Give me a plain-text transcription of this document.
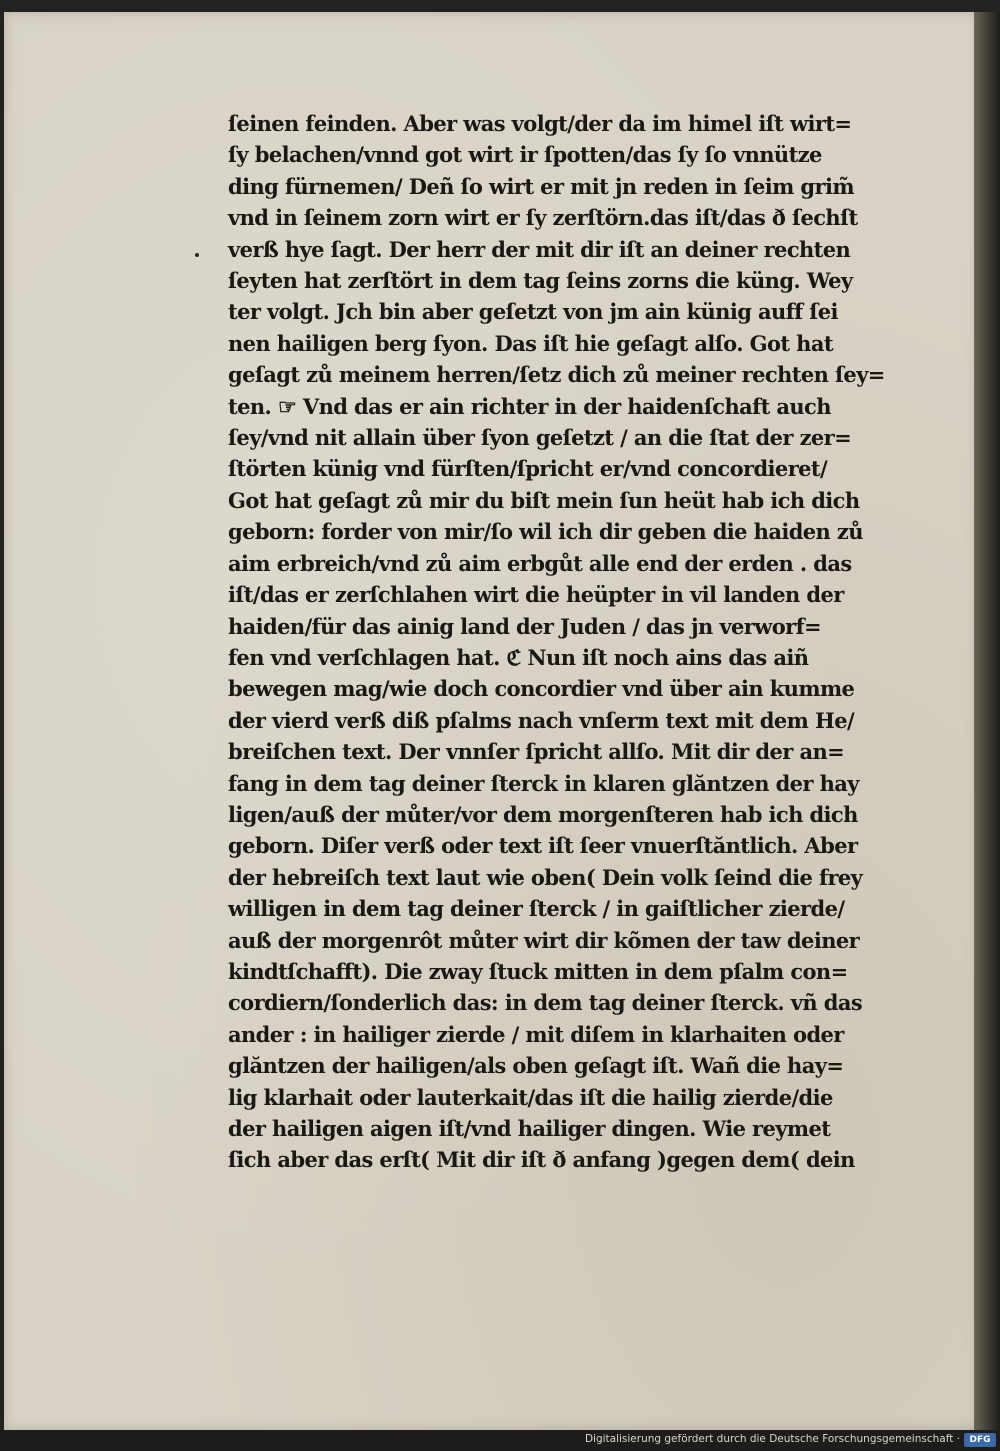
ſeinen feinden. Aber was volgt/der da im himel iſt wirt=
ſy belachen/vnnd got wirt ir ſpotten/das ſy ſo vnnütze
ding fürnemen/ Deñ ſo wirt er mit jn reden in ſeim grim̃
vnd in ſeinem zorn wirt er ſy zerſtörn.das iſt/das ð ſechſt
verß hye ſagt. Der herr der mit dir iſt an deiner rechten
ſeyten hat zerſtört in dem tag ſeins zorns die küng. Wey
ter volgt. Jch bin aber geſetzt von jm ain künig auff ſei
nen hailigen berg ſyon. Das iſt hie geſagt alſo. Got hat
geſagt zů meinem herren/ſetz dich zů meiner rechten ſey=
ten. ☞ Vnd das er ain richter in der haidenſchaft auch
ſey/vnd nit allain über ſyon geſetzt / an die ſtat der zer=
ſtörten künig vnd fürſten/ſpricht er/vnd concordieret/
Got hat geſagt zů mir du biſt mein ſun heüt hab ich dich
geborn: forder von mir/ſo wil ich dir geben die haiden zů
aim erbreich/vnd zů aim erbgůt alle end der erden . das
iſt/das er zerſchlahen wirt die heüpter in vil landen der
haiden/für das ainig land der Juden / das jn verworf=
fen vnd verſchlagen hat. ℭ Nun iſt noch ains das aiñ
bewegen mag/wie doch concordier vnd über ain kumme
der vierd verß diß pſalms nach vnſerm text mit dem He/
breiſchen text. Der vnnſer ſpricht allſo. Mit dir der an=
fang in dem tag deiner ſterck in klaren glăntzen der hay
ligen/auß der můter/vor dem morgenſteren hab ich dich
geborn. Diſer verß oder text iſt ſeer vnuerſtăntlich. Aber
der hebreiſch text laut wie oben( Dein volk ſeind die frey
willigen in dem tag deiner ſterck / in gaiſtlicher zierde/
auß der morgenrôt můter wirt dir kõmen der taw deiner
kindtſchafft). Die zway ſtuck mitten in dem pſalm con=
cordiern/ſonderlich das: in dem tag deiner ſterck. vñ das
ander : in hailiger zierde / mit diſem in klarhaiten oder
glăntzen der hailigen/als oben geſagt iſt. Wañ die hay=
lig klarhait oder lauterkait/das iſt die hailig zierde/die
der hailigen aigen iſt/vnd hailiger dingen. Wie reymet
ſich aber das erſt( Mit dir iſt ð anfang )gegen dem( dein
Digitalisierung gefördert durch die Deutsche Forschungsgemeinschaft ·	DFG
